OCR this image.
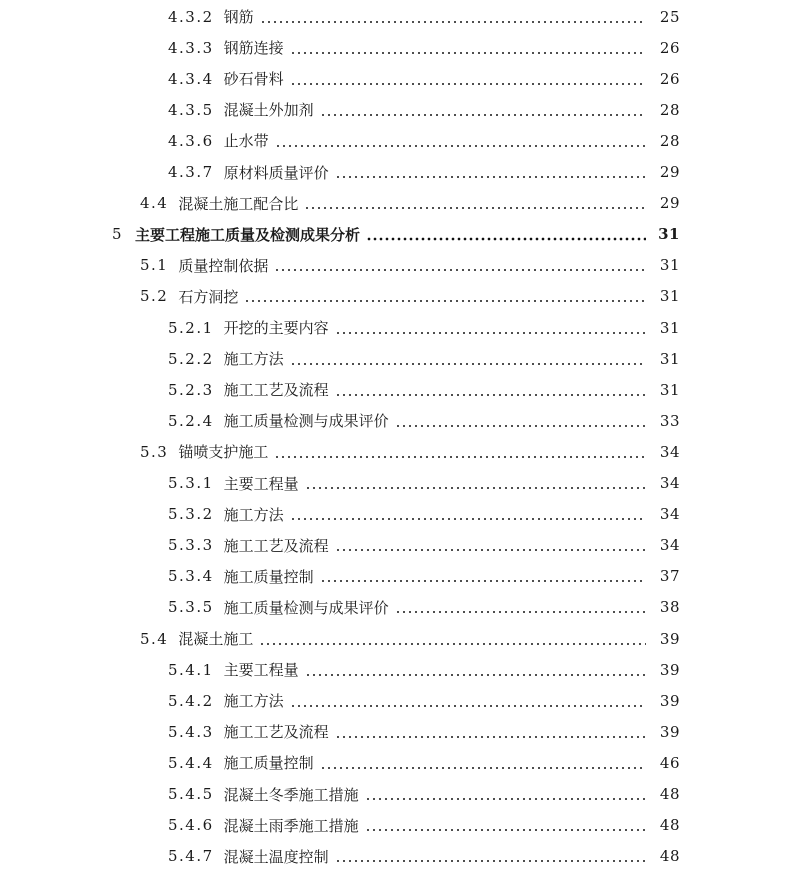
4.3.2 钢筋	25
4.3.3 钢筋连接	26
4.3.4 砂石骨料	26
4.3.5 混凝土外加剂	28
4.3.6 止水带	28
4.3.7 原材料质量评价	29
4.4 混凝土施工配合比	29
5 主要工程施工质量及检测成果分析	31
5.1 质量控制依据	31
5.2 石方洞挖	31
5.2.1 开挖的主要内容	31
5.2.2 施工方法	31
5.2.3 施工工艺及流程	31
5.2.4 施工质量检测与成果评价	33
5.3 锚喷支护施工	34
5.3.1 主要工程量	34
5.3.2 施工方法	34
5.3.3 施工工艺及流程	34
5.3.4 施工质量控制	37
5.3.5 施工质量检测与成果评价	38
5.4 混凝土施工	39
5.4.1 主要工程量	39
5.4.2 施工方法	39
5.4.3 施工工艺及流程	39
5.4.4 施工质量控制	46
5.4.5 混凝土冬季施工措施	48
5.4.6 混凝土雨季施工措施	48
5.4.7 混凝土温度控制	48
